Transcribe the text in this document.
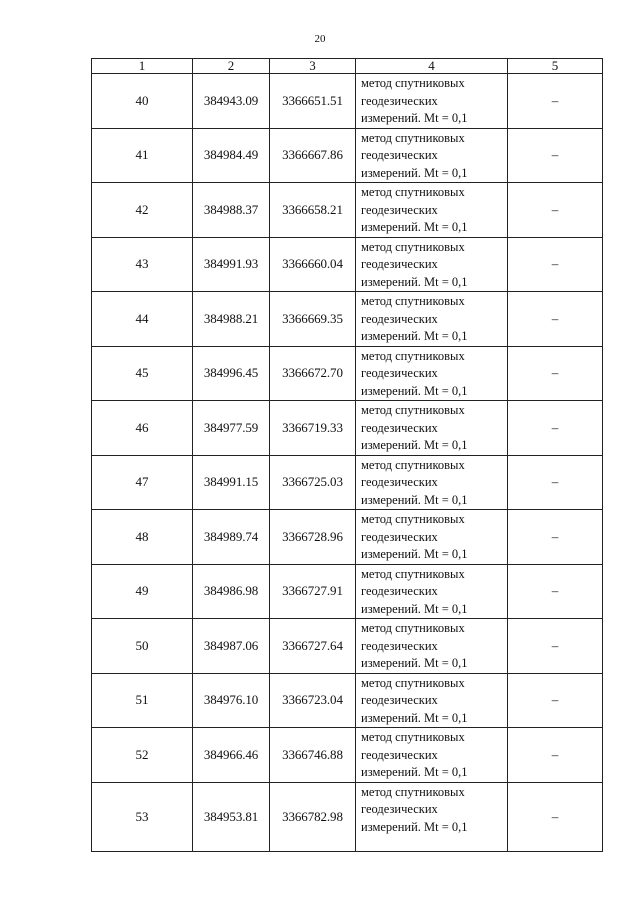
20
1	2	3	4	5
40	384943.09	3366651.51	метод спутниковых
геодезических
измерений. Mt = 0,1	–
41	384984.49	3366667.86	метод спутниковых
геодезических
измерений. Mt = 0,1	–
42	384988.37	3366658.21	метод спутниковых
геодезических
измерений. Mt = 0,1	–
43	384991.93	3366660.04	метод спутниковых
геодезических
измерений. Mt = 0,1	–
44	384988.21	3366669.35	метод спутниковых
геодезических
измерений. Mt = 0,1	–
45	384996.45	3366672.70	метод спутниковых
геодезических
измерений. Mt = 0,1	–
46	384977.59	3366719.33	метод спутниковых
геодезических
измерений. Mt = 0,1	–
47	384991.15	3366725.03	метод спутниковых
геодезических
измерений. Mt = 0,1	–
48	384989.74	3366728.96	метод спутниковых
геодезических
измерений. Mt = 0,1	–
49	384986.98	3366727.91	метод спутниковых
геодезических
измерений. Mt = 0,1	–
50	384987.06	3366727.64	метод спутниковых
геодезических
измерений. Mt = 0,1	–
51	384976.10	3366723.04	метод спутниковых
геодезических
измерений. Mt = 0,1	–
52	384966.46	3366746.88	метод спутниковых
геодезических
измерений. Mt = 0,1	–
53	384953.81	3366782.98	метод спутниковых
геодезических
измерений. Mt = 0,1	–
